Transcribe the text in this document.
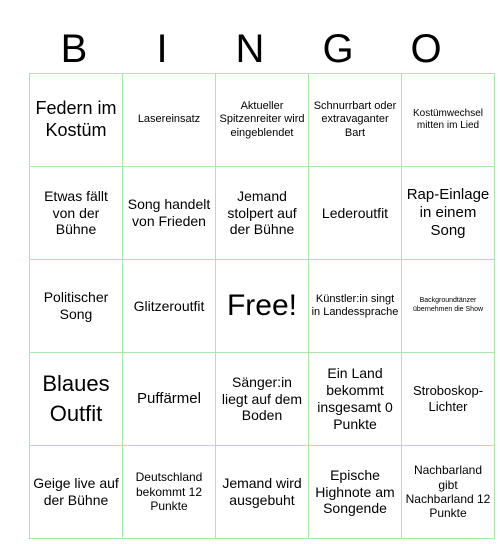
B	I	N	G	O
Federn im Kostüm	Lasereinsatz	Aktueller Spitzenreiter wird eingeblendet	Schnurrbart oder extravaganter Bart	Kostümwechsel mitten im Lied
Etwas fällt von der Bühne	Song handelt von Frieden	Jemand stolpert auf der Bühne	Lederoutfit	Rap-Einlage in einem Song
Politischer Song	Glitzeroutfit	Free!	Künstler:in singt in Landessprache	Backgroundtänzer übernehmen die Show
Blaues Outfit	Puffärmel	Sänger:in liegt auf dem Boden	Ein Land bekommt insgesamt 0 Punkte	Stroboskop-Lichter
Geige live auf der Bühne	Deutschland bekommt 12 Punkte	Jemand wird ausgebuht	Epische Highnote am Songende	Nachbarland gibt Nachbarland 12 Punkte
